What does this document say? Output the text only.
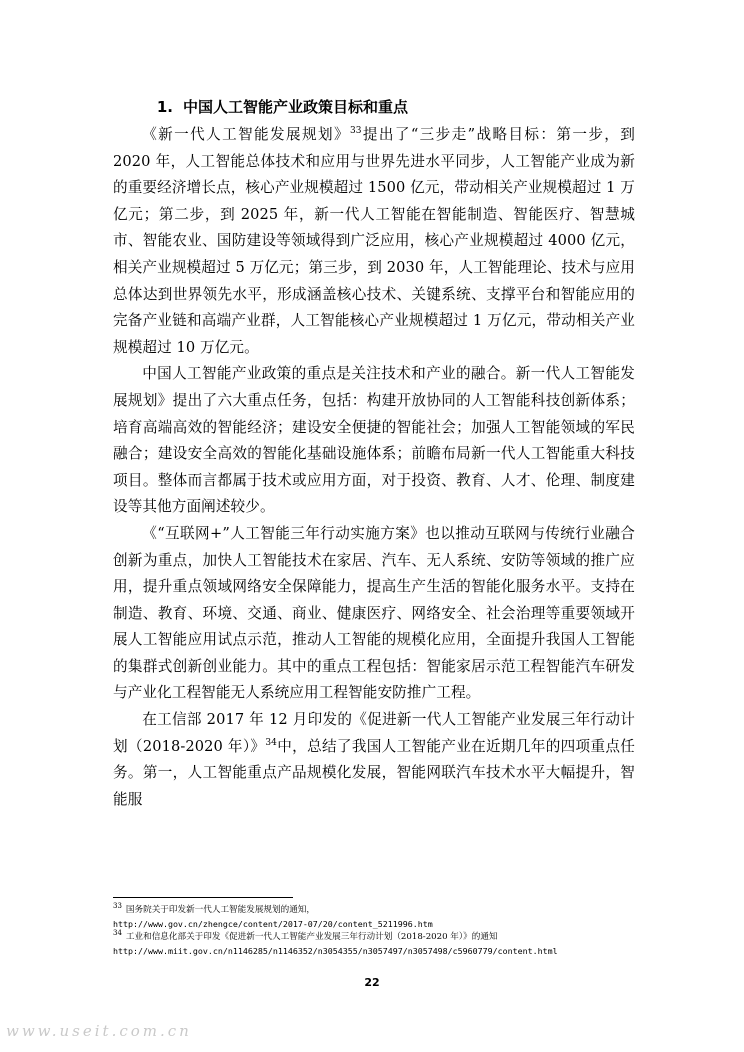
1. 中国人工智能产业政策目标和重点

《新一代人工智能发展规划》$^{33}$提出了“三步走”战略目标：第一步，到 2020 年，人工智能总体技术和应用与世界先进水平同步，人工智能产业成为新的重要经济增长点，核心产业规模超过 1500 亿元，带动相关产业规模超过 1 万亿元；第二步，到 2025 年，新一代人工智能在智能制造、智能医疗、智慧城市、智能农业、国防建设等领域得到广泛应用，核心产业规模超过 4000 亿元，相关产业规模超过 5 万亿元；第三步，到 2030 年，人工智能理论、技术与应用总体达到世界领先水平，形成涵盖核心技术、关键系统、支撑平台和智能应用的完备产业链和高端产业群，人工智能核心产业规模超过 1 万亿元，带动相关产业规模超过 10 万亿元。

中国人工智能产业政策的重点是关注技术和产业的融合。新一代人工智能发展规划》提出了六大重点任务，包括：构建开放协同的人工智能科技创新体系；培育高端高效的智能经济；建设安全便捷的智能社会；加强人工智能领域的军民融合；建设安全高效的智能化基础设施体系；前瞻布局新一代人工智能重大科技项目。整体而言都属于技术或应用方面，对于投资、教育、人才、伦理、制度建设等其他方面阐述较少。

《“互联网+”人工智能三年行动实施方案》也以推动互联网与传统行业融合创新为重点，加快人工智能技术在家居、汽车、无人系统、安防等领域的推广应用，提升重点领域网络安全保障能力，提高生产生活的智能化服务水平。支持在制造、教育、环境、交通、商业、健康医疗、网络安全、社会治理等重要领域开展人工智能应用试点示范，推动人工智能的规模化应用，全面提升我国人工智能的集群式创新创业能力。其中的重点工程包括：智能家居示范工程智能汽车研发与产业化工程智能无人系统应用工程智能安防推广工程。

在工信部 2017 年 12 月印发的《促进新一代人工智能产业发展三年行动计划（2018-2020 年）》$^{34}$中，总结了我国人工智能产业在近期几年的四项重点任务。第一，人工智能重点产品规模化发展，智能网联汽车技术水平大幅提升，智能服

$^{33}$ 国务院关于印发新一代人工智能发展规划的通知，
http://www.gov.cn/zhengce/content/2017-07/20/content_5211996.htm
$^{34}$ 工业和信息化部关于印发《促进新一代人工智能产业发展三年行动计划（2018-2020 年）》的通知
http://www.miit.gov.cn/n1146285/n1146352/n3054355/n3057497/n3057498/c5960779/content.html
22
www.useit.com.cn
